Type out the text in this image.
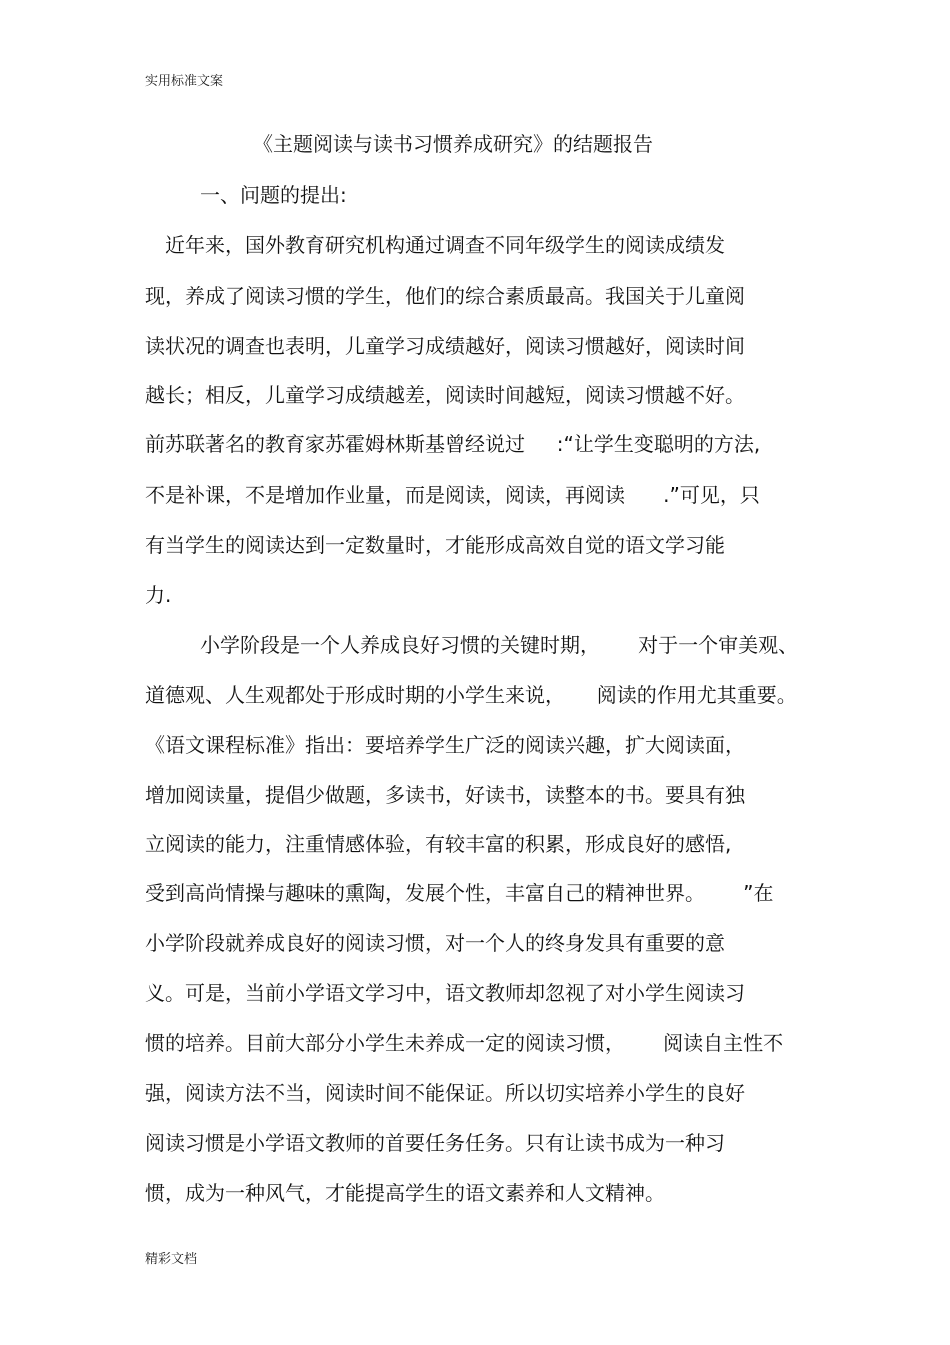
实用标准文案
《主题阅读与读书习惯养成研究》的结题报告
一、问题的提出:
近年来，国外教育研究机构通过调查不同年级学生的阅读成绩发
现，养成了阅读习惯的学生，他们的综合素质最高。我国关于儿童阅
读状况的调查也表明，儿童学习成绩越好，阅读习惯越好，阅读时间
越长；相反，儿童学习成绩越差，阅读时间越短，阅读习惯越不好。
前苏联著名的教育家苏霍姆林斯基曾经说过     :“让学生变聪明的方法,
不是补课，不是增加作业量，而是阅读，阅读，再阅读      .”可见，只
有当学生的阅读达到一定数量时，才能形成高效自觉的语文学习能
力.
小学阶段是一个人养成良好习惯的关键时期，      对于一个审美观、
道德观、人生观都处于形成时期的小学生来说，     阅读的作用尤其重要。
《语文课程标准》指出：要培养学生广泛的阅读兴趣，扩大阅读面，
增加阅读量，提倡少做题，多读书，好读书，读整本的书。要具有独
立阅读的能力，注重情感体验，有较丰富的积累，形成良好的感悟,
受到高尚情操与趣味的熏陶，发展个性，丰富自己的精神世界。      ”在
小学阶段就养成良好的阅读习惯，对一个人的终身发具有重要的意
义。可是，当前小学语文学习中，语文教师却忽视了对小学生阅读习
惯的培养。目前大部分小学生未养成一定的阅读习惯，      阅读自主性不
强，阅读方法不当，阅读时间不能保证。所以切实培养小学生的良好
阅读习惯是小学语文教师的首要任务任务。只有让读书成为一种习
惯，成为一种风气，才能提高学生的语文素养和人文精神。
精彩文档
